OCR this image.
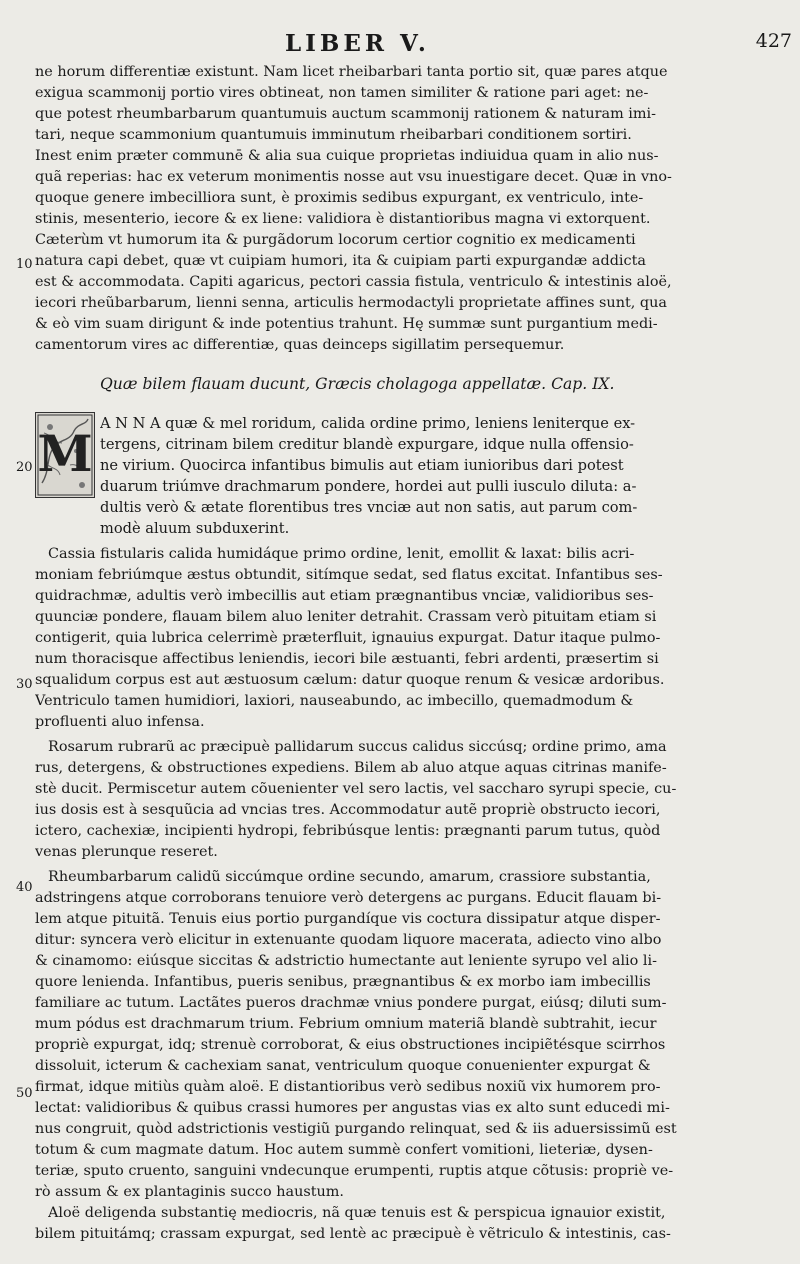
LIBER V.	427
M
ne horum differentiæ existunt. Nam licet rheibarbari tanta portio sit, quæ pares atque
exigua scammonij portio vires obtineat, non tamen similiter & ratione pari aget: ne-
que potest rheumbarbarum quantumuis auctum scammonij rationem & naturam imi-
tari, neque scammonium quantumuis imminutum rheibarbari conditionem sortiri.
Inest enim præter communē & alia sua cuique proprietas indiuidua quam in alio nus-
quã reperias: hac ex veterum monimentis nosse aut vsu inuestigare decet. Quæ in vno-
quoque genere imbecilliora sunt, è proximis sedibus expurgant, ex ventriculo, inte-
stinis, mesenterio, iecore & ex liene: validiora è distantioribus magna vi extorquent.
Cæterùm vt humorum ita & purgãdorum locorum certior cognitio ex medicamenti
natura capi debet, quæ vt cuipiam humori, ita & cuipiam parti expurgandæ addicta
est & accommodata. Capiti agaricus, pectori cassia fistula, ventriculo & intestinis aloë,
iecori rheũbarbarum, lienni senna, articulis hermodactyli proprietate affines sunt, qua
& eò vim suam dirigunt & inde potentius trahunt. Hę summæ sunt purgantium medi-
camentorum vires ac differentiæ, quas deinceps sigillatim persequemur.
Quæ bilem flauam ducunt, Græcis cholagoga appellatæ. Cap. IX.
A N N A quæ & mel roridum, calida ordine primo, leniens leniterque ex-
tergens, citrinam bilem creditur blandè expurgare, idque nulla offensio-
ne virium. Quocirca infantibus bimulis aut etiam iunioribus dari potest
duarum triúmve drachmarum pondere, hordei aut pulli iusculo diluta: a-
dultis verò & ætate florentibus tres vnciæ aut non satis, aut parum com-
modè aluum subduxerint.
Cassia fistularis calida humidáque primo ordine, lenit, emollit & laxat: bilis acri-
moniam febriúmque æstus obtundit, sitímque sedat, sed flatus excitat. Infantibus ses-
quidrachmæ, adultis verò imbecillis aut etiam prægnantibus vnciæ, validioribus ses-
quunciæ pondere, flauam bilem aluo leniter detrahit. Crassam verò pituitam etiam si
contigerit, quia lubrica celerrimè præterfluit, ignauius expurgat. Datur itaque pulmo-
num thoracisque affectibus leniendis, iecori bile æstuanti, febri ardenti, præsertim si
squalidum corpus est aut æstuosum cælum: datur quoque renum & vesicæ ardoribus.
Ventriculo tamen humidiori, laxiori, nauseabundo, ac imbecillo, quemadmodum &
profluenti aluo infensa.
Rosarum rubrarũ ac præcipuè pallidarum succus calidus siccúsq; ordine primo, ama
rus, detergens, & obstructiones expediens. Bilem ab aluo atque aquas citrinas manife-
stè ducit. Permiscetur autem cõuenienter vel sero lactis, vel saccharo syrupi specie, cu-
ius dosis est à sesquũcia ad vncias tres. Accommodatur autẽ propriè obstructo iecori,
ictero, cachexiæ, incipienti hydropi, febribúsque lentis: prægnanti parum tutus, quòd
venas plerunque reseret.
Rheumbarbarum calidũ siccúmque ordine secundo, amarum, crassiore substantia,
adstringens atque corroborans tenuiore verò detergens ac purgans. Educit flauam bi-
lem atque pituitã. Tenuis eius portio purgandíque vis coctura dissipatur atque disper-
ditur: syncera verò elicitur in extenuante quodam liquore macerata, adiecto vino albo
& cinamomo: eiúsque siccitas & adstrictio humectante aut leniente syrupo vel alio li-
quore lenienda. Infantibus, pueris senibus, prægnantibus & ex morbo iam imbecillis
familiare ac tutum. Lactãtes pueros drachmæ vnius pondere purgat, eiúsq; diluti sum-
mum pódus est drachmarum trium. Febrium omnium materiã blandè subtrahit, iecur
propriè expurgat, idq; strenuè corroborat, & eius obstructiones incipiẽtésque scirrhos
dissoluit, icterum & cachexiam sanat, ventriculum quoque conuenienter expurgat &
firmat, idque mitiùs quàm aloë. E distantioribus verò sedibus noxiũ vix humorem pro-
lectat: validioribus & quibus crassi humores per angustas vias ex alto sunt educedi mi-
nus congruit, quòd adstrictionis vestigiũ purgando relinquat, sed & iis aduersissimũ est
totum & cum magmate datum. Hoc autem summè confert vomitioni, lieteriæ, dysen-
teriæ, sputo cruento, sanguini vndecunque erumpenti, ruptis atque cõtusis: propriè ve-
rò assum & ex plantaginis succo haustum.
Aloë deligenda substantię mediocris, nã quæ tenuis est & perspicua ignauior existit,
bilem pituitámq; crassam expurgat, sed lentè ac præcipuè è vẽtriculo & intestinis, cas-
10
20
30
40
50
